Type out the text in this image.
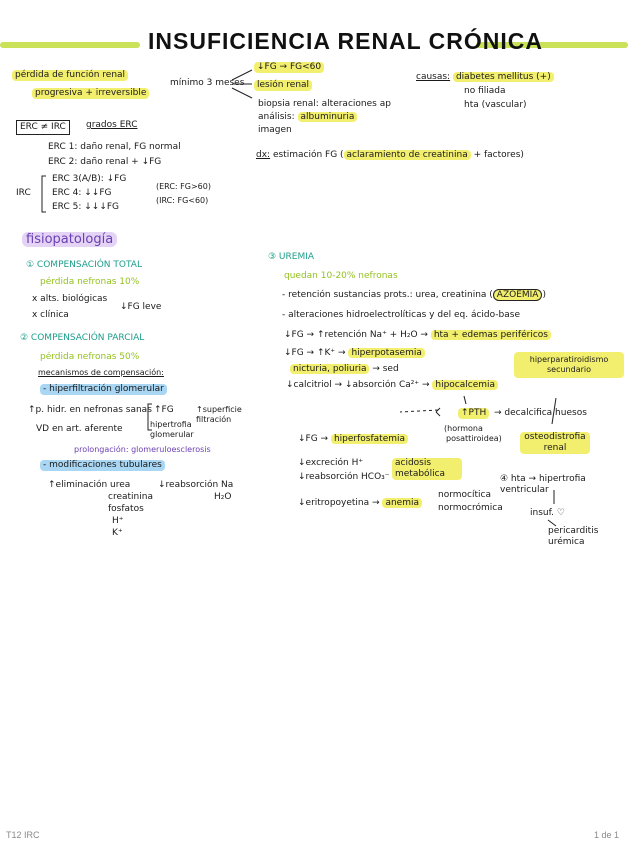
INSUFICIENCIA RENAL CRÓNICA
pérdida de función renal
progresiva + irreversible
mínimo 3 meses
↓FG → FG<60
lesión renal
biopsia renal: alteraciones ap
análisis: albuminuria
imagen
causas: diabetes mellitus (+)
no filiada
hta (vascular)
dx: estimación FG ( aclaramiento de creatinina + factores)
ERC ≠ IRC	grados ERC
ERC 1: daño renal, FG normal
ERC 2: daño renal + ↓FG
ERC 3(A/B): ↓FG
ERC 4: ↓↓FG
ERC 5: ↓↓↓FG
IRC
(ERC: FG>60)
(IRC: FG<60)
fisiopatología
① COMPENSACIÓN TOTAL
pérdida nefronas 10%
x alts. biológicas
x clínica
↓FG leve
② COMPENSACIÓN PARCIAL
pérdida nefronas 50%
mecanismos de compensación:
- hiperfiltración glomerular
↑p. hidr. en nefronas sanas
VD en art. aferente
↑FG	↑superficie filtración
hipertrofia glomerular
prolongación: glomeruloesclerosis
- modificaciones tubulares
↑eliminación urea
creatinina
fosfatos
H⁺
K⁺
↓reabsorción Na
H₂O
③ UREMIA
quedan 10-20% nefronas
- retención sustancias prots.: urea, creatinina ( AZOEMIA )
- alteraciones hidroelectrolíticas y del eq. ácido-base
↓FG → ↑retención Na⁺ + H₂O → hta + edemas periféricos
↓FG → ↑K⁺ → hiperpotasemia
nicturia, poliuria → sed
↓calcitriol → ↓absorción Ca²⁺ → hipocalcemia
↑PTH
(hormona
posattiroidea)
→ decalcifica huesos
hiperparatiroidismo secundario
osteodistrofia renal
↓FG → hiperfosfatemia
↓excreción H⁺
↓reabsorción HCO₃⁻
acidosis metabólica
↓eritropoyetina → anemia
normocítica
normocrómica
④ hta → hipertrofia ventricular
insuf. ♡
pericarditis urémica
T12 IRC	1 de 1
